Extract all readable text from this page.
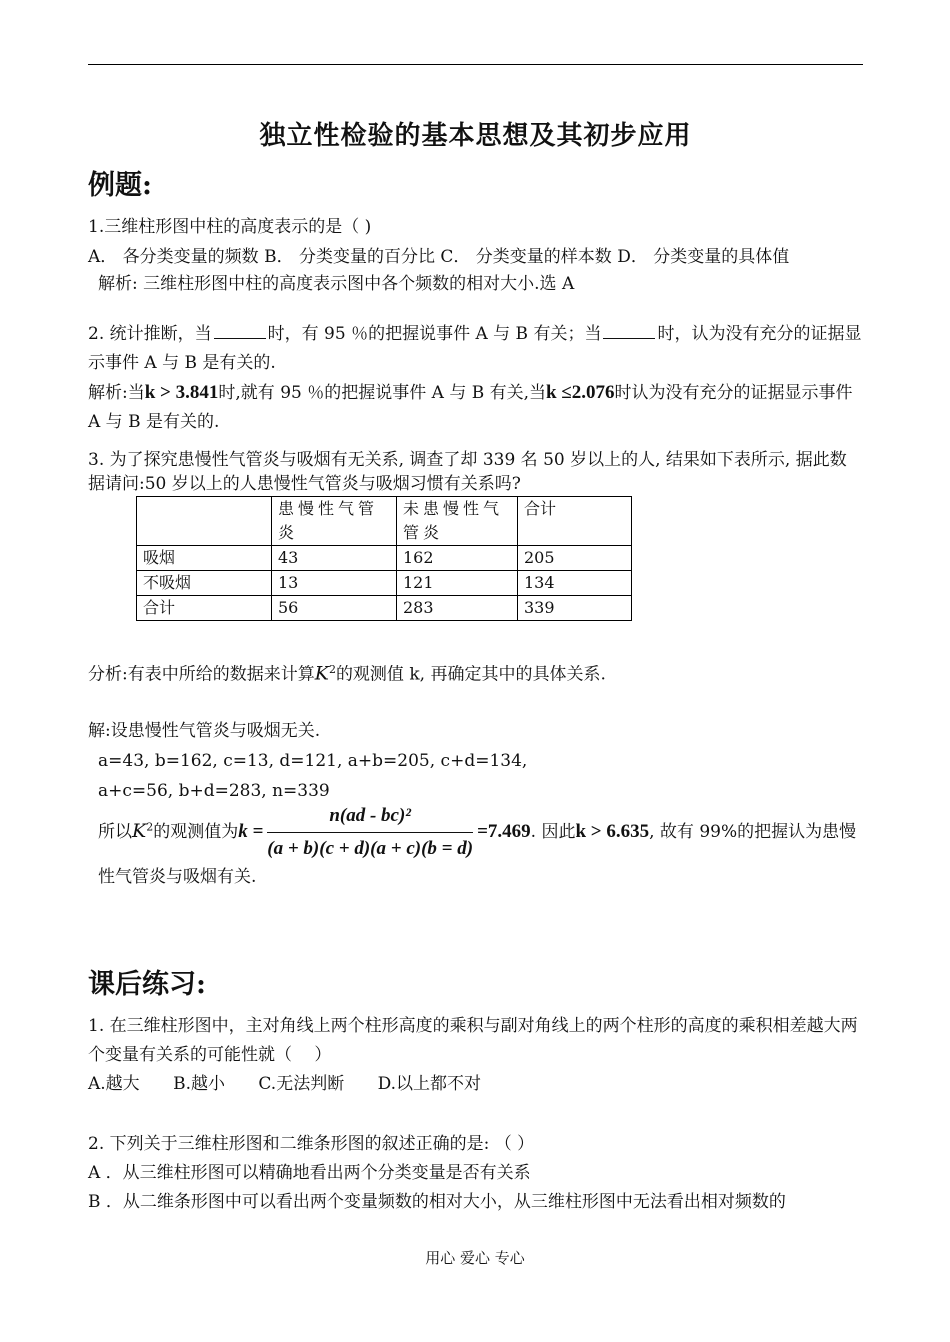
独立性检验的基本思想及其初步应用
例题:
1.三维柱形图中柱的高度表示的是（ )
A． 各分类变量的频数 B． 分类变量的百分比 C． 分类变量的样本数 D． 分类变量的具体值
解析: 三维柱形图中柱的高度表示图中各个频数的相对大小.选 A
2. 统计推断，当	时，有 95 ％的把握说事件 A 与 B 有关；当	时，认为没有充分的证据显示事件 A 与 B 是有关的.
解析:当k > 3.841时,就有 95 ％的把握说事件 A 与 B 有关,当k ≤2.076时认为没有充分的证据显示事件 A 与 B 是有关的.
3. 为了探究患慢性气管炎与吸烟有无关系, 调查了却 339 名 50 岁以上的人, 结果如下表所示, 据此数据请问:50 岁以上的人患慢性气管炎与吸烟习惯有关系吗?
	患慢性气管炎	未患慢性气管炎	合计
吸烟	43	162	205
不吸烟	13	121	134
合计	56	283	339
分析:有表中所给的数据来计算$K^2$的观测值 k, 再确定其中的具体关系.
解:设患慢性气管炎与吸烟无关.
a=43, b=162, c=13, d=121, a+b=205, c+d=134,
a+c=56, b+d=283, n=339
所以$K^2$的观测值为$k = \frac{\text{n(ad - bc)²}}{(a + b)(c + d)(a + c)(b = d)} =7.469$. 因此k > 6.635, 故有 99%的把握认为患慢性气管炎与吸烟有关.
课后练习:
1. 在三维柱形图中，主对角线上两个柱形高度的乘积与副对角线上的两个柱形的高度的乘积相差越大两个变量有关系的可能性就（　 ）
A.越大 B.越小 C.无法判断 D.以上都不对
2. 下列关于三维柱形图和二维条形图的叙述正确的是: （ ）
A ．从三维柱形图可以精确地看出两个分类变量是否有关系
B ．从二维条形图中可以看出两个变量频数的相对大小，从三维柱形图中无法看出相对频数的
用心 爱心 专心
